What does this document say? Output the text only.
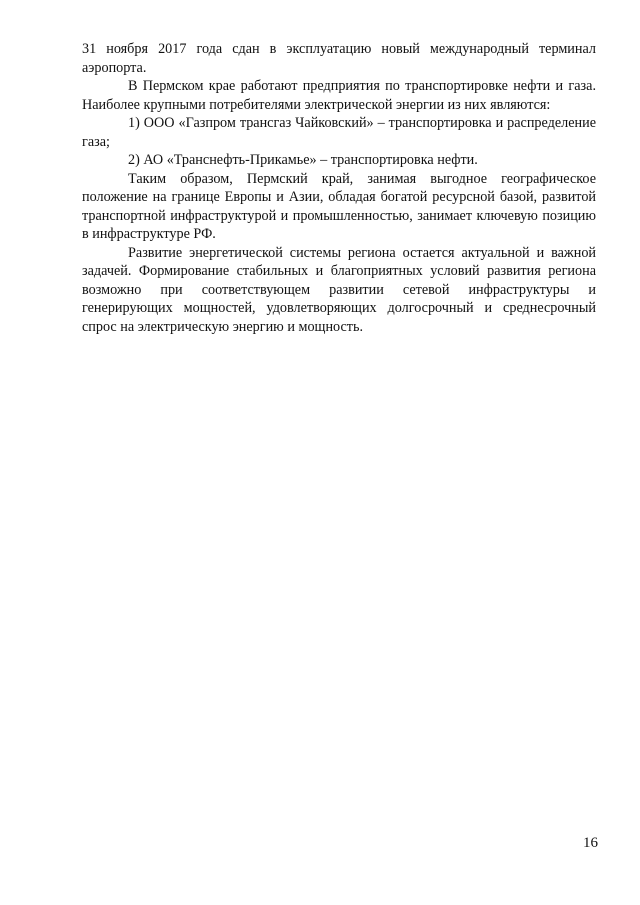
31 ноября 2017 года сдан в эксплуатацию новый международный терминал аэропорта.

В Пермском крае работают предприятия по транспортировке нефти и газа. Наиболее крупными потребителями электрической энергии из них являются:

1) ООО «Газпром трансгаз Чайковский» – транспортировка и распределение газа;

2) АО «Транснефть-Прикамье» – транспортировка нефти.

Таким образом, Пермский край, занимая выгодное географическое положение на границе Европы и Азии, обладая богатой ресурсной базой, развитой транспортной инфраструктурой и промышленностью, занимает ключевую позицию в инфраструктуре РФ.

Развитие энергетической системы региона остается актуальной и важной задачей. Формирование стабильных и благоприятных условий развития региона возможно при соответствующем развитии сетевой инфраструктуры и генерирующих мощностей, удовлетворяющих долгосрочный и среднесрочный спрос на электрическую энергию и мощность.

16
